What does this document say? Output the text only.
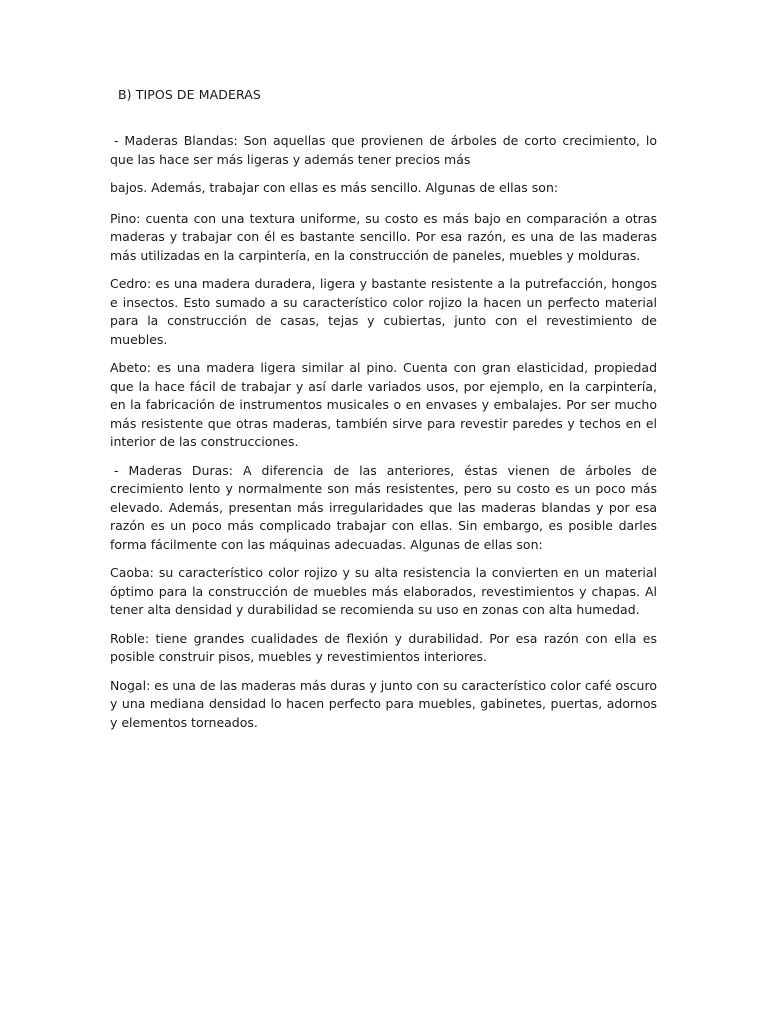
B) TIPOS DE MADERAS

- Maderas Blandas: Son aquellas que provienen de árboles de corto crecimiento, lo que las hace ser más ligeras y además tener precios más

bajos. Además, trabajar con ellas es más sencillo. Algunas de ellas son:

Pino: cuenta con una textura uniforme, su costo es más bajo en comparación a otras maderas y trabajar con él es bastante sencillo. Por esa razón, es una de las maderas más utilizadas en la carpintería, en la construcción de paneles, muebles y molduras.

Cedro: es una madera duradera, ligera y bastante resistente a la putrefacción, hongos e insectos. Esto sumado a su característico color rojizo la hacen un perfecto material para la construcción de casas, tejas y cubiertas, junto con el revestimiento de muebles.

Abeto: es una madera ligera similar al pino. Cuenta con gran elasticidad, propiedad que la hace fácil de trabajar y así darle variados usos, por ejemplo, en la carpintería, en la fabricación de instrumentos musicales o en envases y embalajes. Por ser mucho más resistente que otras maderas, también sirve para revestir paredes y techos en el interior de las construcciones.

- Maderas Duras: A diferencia de las anteriores, éstas vienen de árboles de crecimiento lento y normalmente son más resistentes, pero su costo es un poco más elevado. Además, presentan más irregularidades que las maderas blandas y por esa razón es un poco más complicado trabajar con ellas. Sin embargo, es posible darles forma fácilmente con las máquinas adecuadas. Algunas de ellas son:

Caoba: su característico color rojizo y su alta resistencia la convierten en un material óptimo para la construcción de muebles más elaborados, revestimientos y chapas. Al tener alta densidad y durabilidad se recomienda su uso en zonas con alta humedad.

Roble: tiene grandes cualidades de flexión y durabilidad. Por esa razón con ella es posible construir pisos, muebles y revestimientos interiores.

Nogal: es una de las maderas más duras y junto con su característico color café oscuro y una mediana densidad lo hacen perfecto para muebles, gabinetes, puertas, adornos y elementos torneados.
